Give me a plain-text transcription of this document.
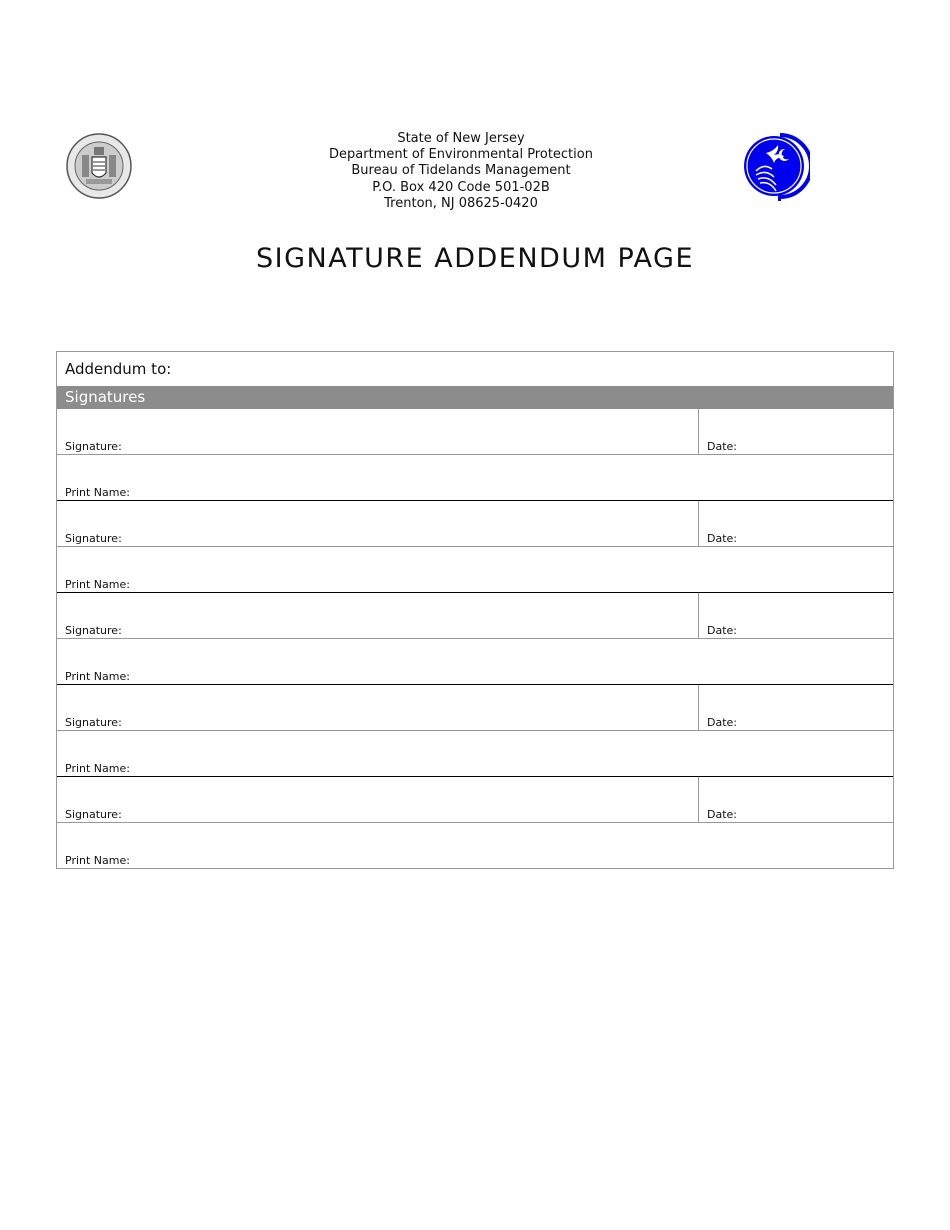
State of New Jersey
Department of Environmental Protection
Bureau of Tidelands Management
P.O. Box 420 Code 501-02B
Trenton, NJ 08625-0420
SIGNATURE ADDENDUM PAGE
Addendum to:
Signatures
Signature:	Date:
Print Name:
Signature:	Date:
Print Name:
Signature:	Date:
Print Name:
Signature:	Date:
Print Name:
Signature:	Date:
Print Name:
